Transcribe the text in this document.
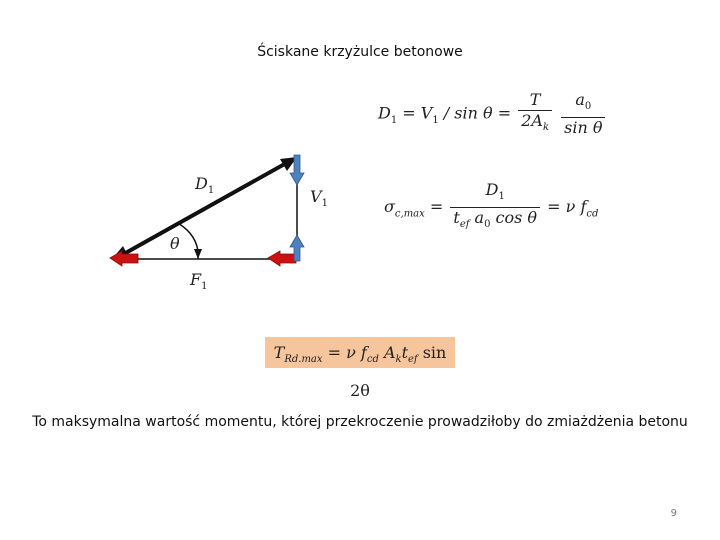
Ściskane krzyżulce betonowe
$D_1$	$V_1$
$F_1$
θ
$D_1 = V_1 / \sin \theta = \frac{T}{2A_k}$
$\frac{a_0}{\text{sin θ}}$
$\sigma_{c,max} = \frac{D_1}{t_{ef} a_0 \cos \theta} = \nu$ $f_{cd}$
$T_{Rd.max} = \nu$ $f_{cd}$ $A_kt_{ef}$ sin 2θ
To maksymalna wartość momentu, której przekroczenie prowadziłoby do zmiażdżenia betonu
9
